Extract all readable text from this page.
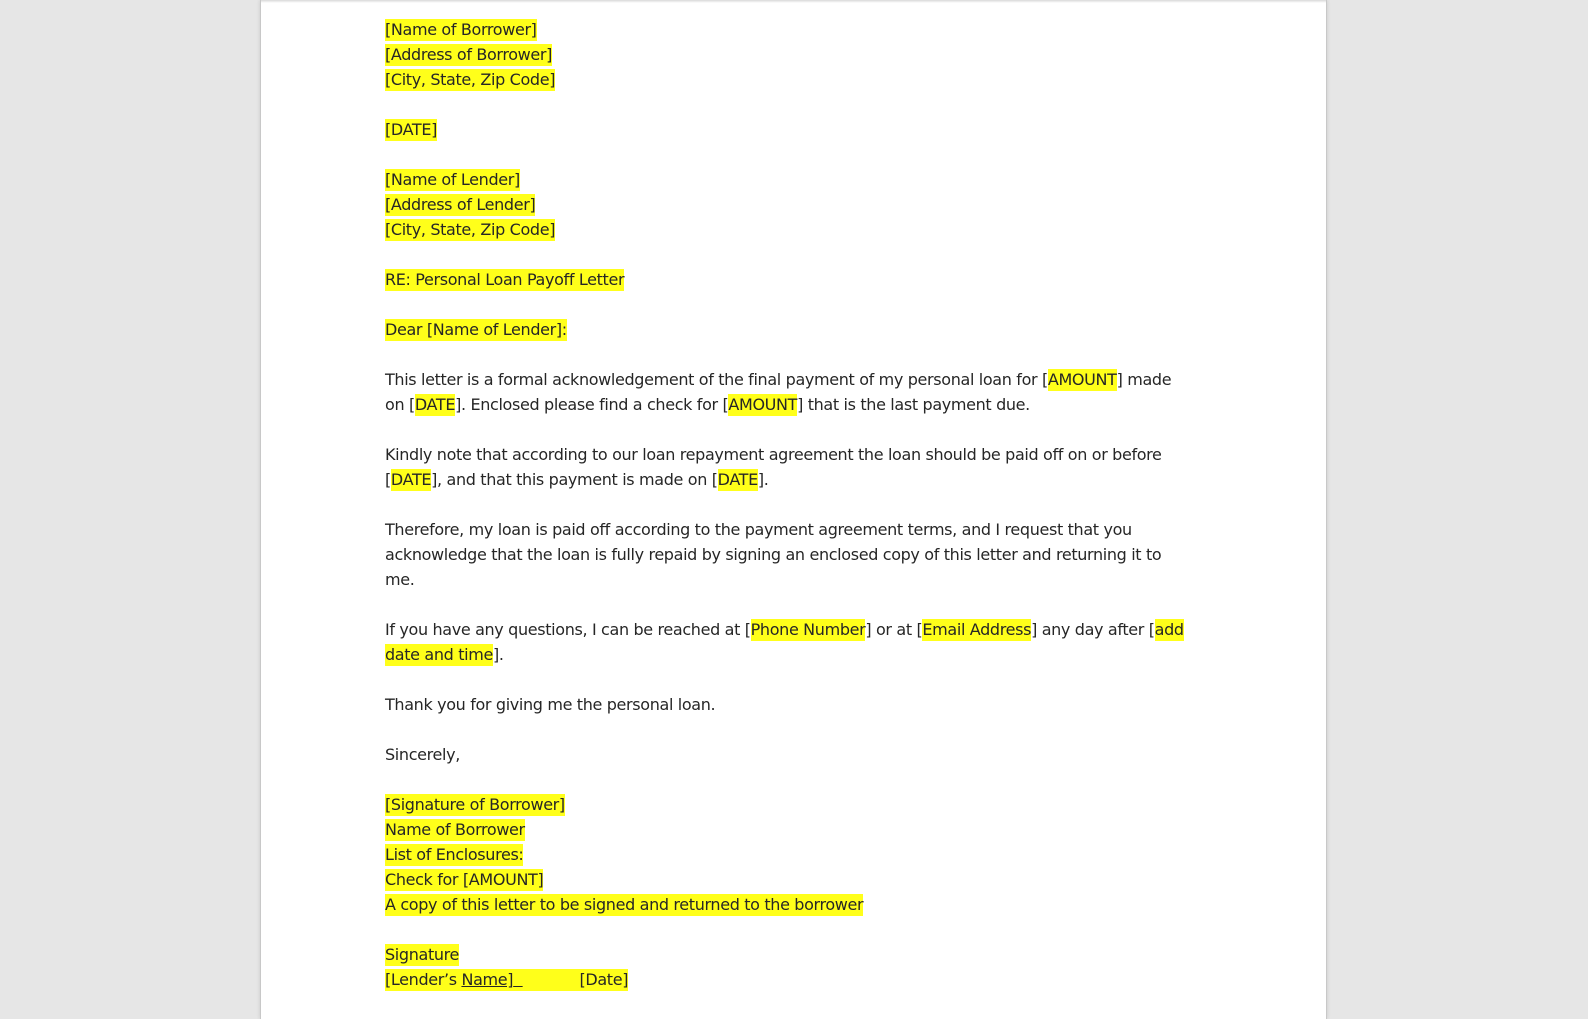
[Name of Borrower]
[Address of Borrower]
[City, State, Zip Code]
[DATE]
[Name of Lender]
[Address of Lender]
[City, State, Zip Code]
RE: Personal Loan Payoff Letter
Dear [Name of Lender]:
This letter is a formal acknowledgement of the final payment of my personal loan for [AMOUNT] made
on [DATE]. Enclosed please find a check for [AMOUNT] that is the last payment due.
Kindly note that according to our loan repayment agreement the loan should be paid off on or before
[DATE], and that this payment is made on [DATE].
Therefore, my loan is paid off according to the payment agreement terms, and I request that you
acknowledge that the loan is fully repaid by signing an enclosed copy of this letter and returning it to
me.
If you have any questions, I can be reached at [Phone Number] or at [Email Address] any day after [add
date and time].
Thank you for giving me the personal loan.
Sincerely,
[Signature of Borrower]
Name of Borrower
List of Enclosures:
Check for [AMOUNT]
A copy of this letter to be signed and returned to the borrower
Signature
[Lender’s Name]	[Date]
